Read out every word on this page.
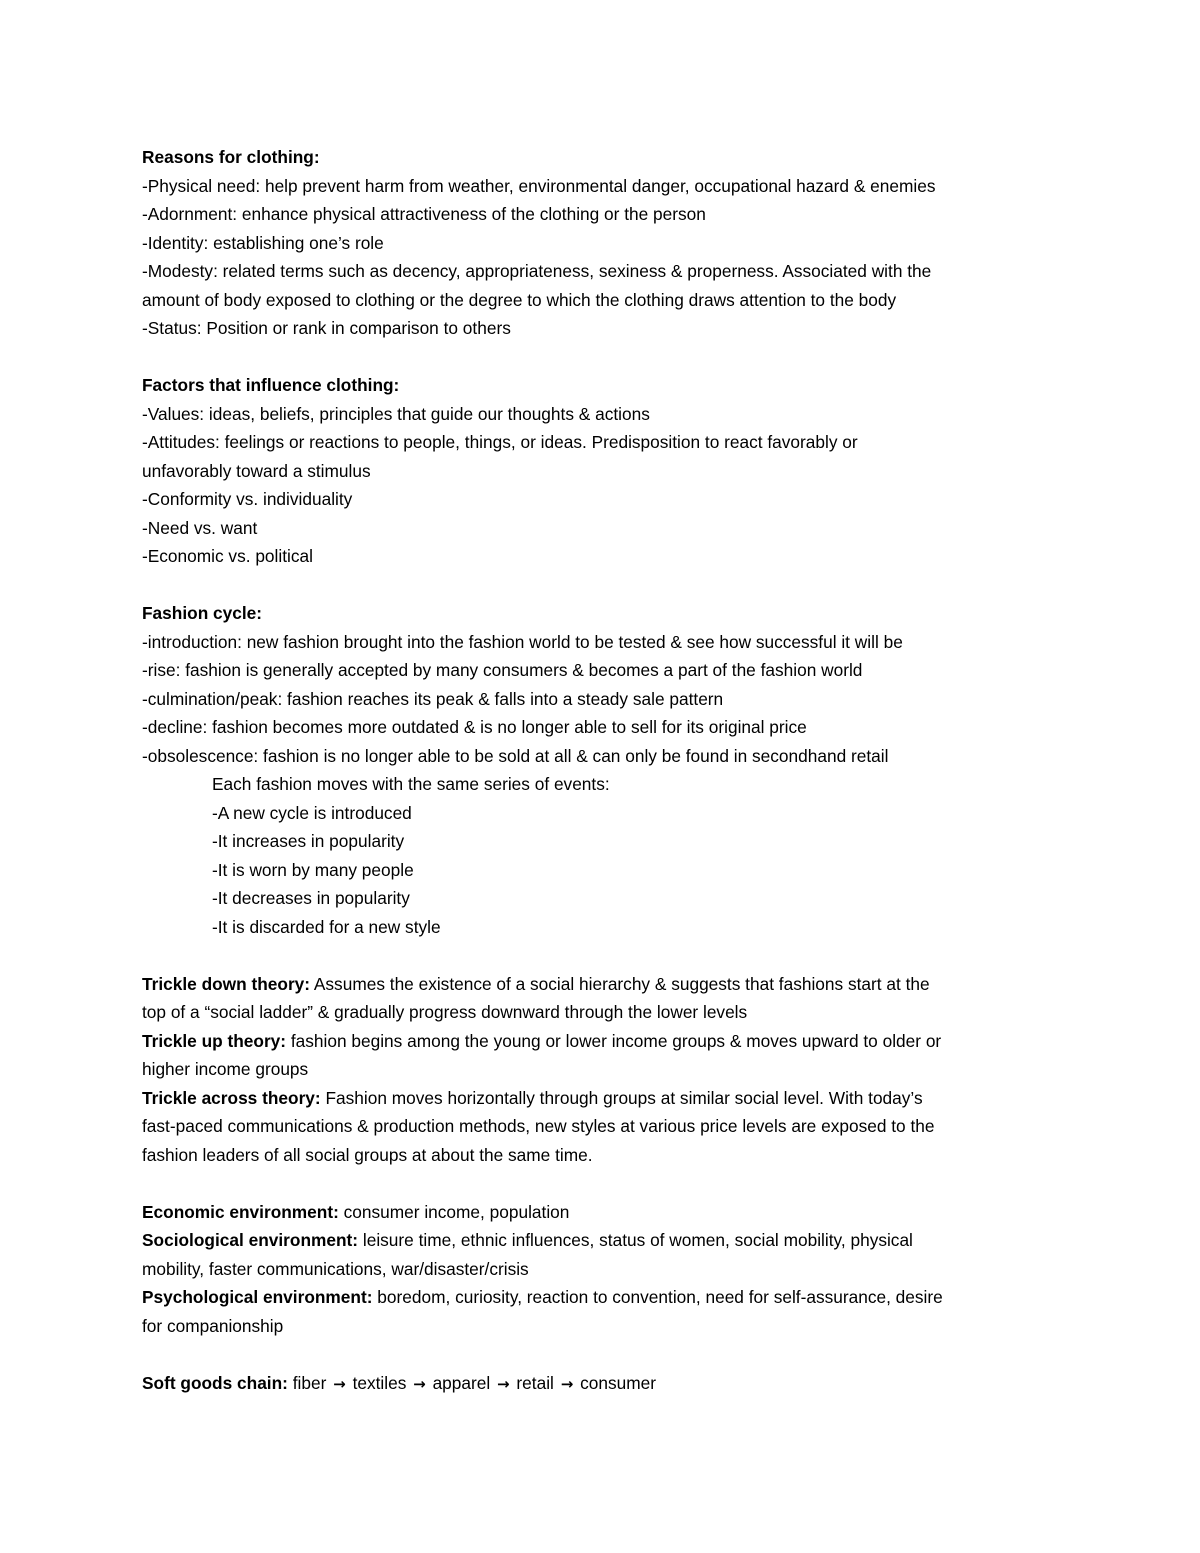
Reasons for clothing:
-Physical need: help prevent harm from weather, environmental danger, occupational hazard & enemies
-Adornment: enhance physical attractiveness of the clothing or the person
-Identity: establishing one’s role
-Modesty: related terms such as decency, appropriateness, sexiness & properness. Associated with the
amount of body exposed to clothing or the degree to which the clothing draws attention to the body
-Status: Position or rank in comparison to others
Factors that influence clothing:
-Values: ideas, beliefs, principles that guide our thoughts & actions
-Attitudes: feelings or reactions to people, things, or ideas. Predisposition to react favorably or
unfavorably toward a stimulus
-Conformity vs. individuality
-Need vs. want
-Economic vs. political
Fashion cycle:
-introduction: new fashion brought into the fashion world to be tested & see how successful it will be
-rise: fashion is generally accepted by many consumers & becomes a part of the fashion world
-culmination/peak: fashion reaches its peak & falls into a steady sale pattern
-decline: fashion becomes more outdated & is no longer able to sell for its original price
-obsolescence: fashion is no longer able to be sold at all & can only be found in secondhand retail
Each fashion moves with the same series of events:
-A new cycle is introduced
-It increases in popularity
-It is worn by many people
-It decreases in popularity
-It is discarded for a new style
Trickle down theory: Assumes the existence of a social hierarchy & suggests that fashions start at the
top of a “social ladder” & gradually progress downward through the lower levels
Trickle up theory: fashion begins among the young or lower income groups & moves upward to older or
higher income groups
Trickle across theory: Fashion moves horizontally through groups at similar social level. With today’s
fast-paced communications & production methods, new styles at various price levels are exposed to the
fashion leaders of all social groups at about the same time.
Economic environment: consumer income, population
Sociological environment: leisure time, ethnic influences, status of women, social mobility, physical
mobility, faster communications, war/disaster/crisis
Psychological environment: boredom, curiosity, reaction to convention, need for self-assurance, desire
for companionship
Soft goods chain: fiber → textiles → apparel → retail → consumer
